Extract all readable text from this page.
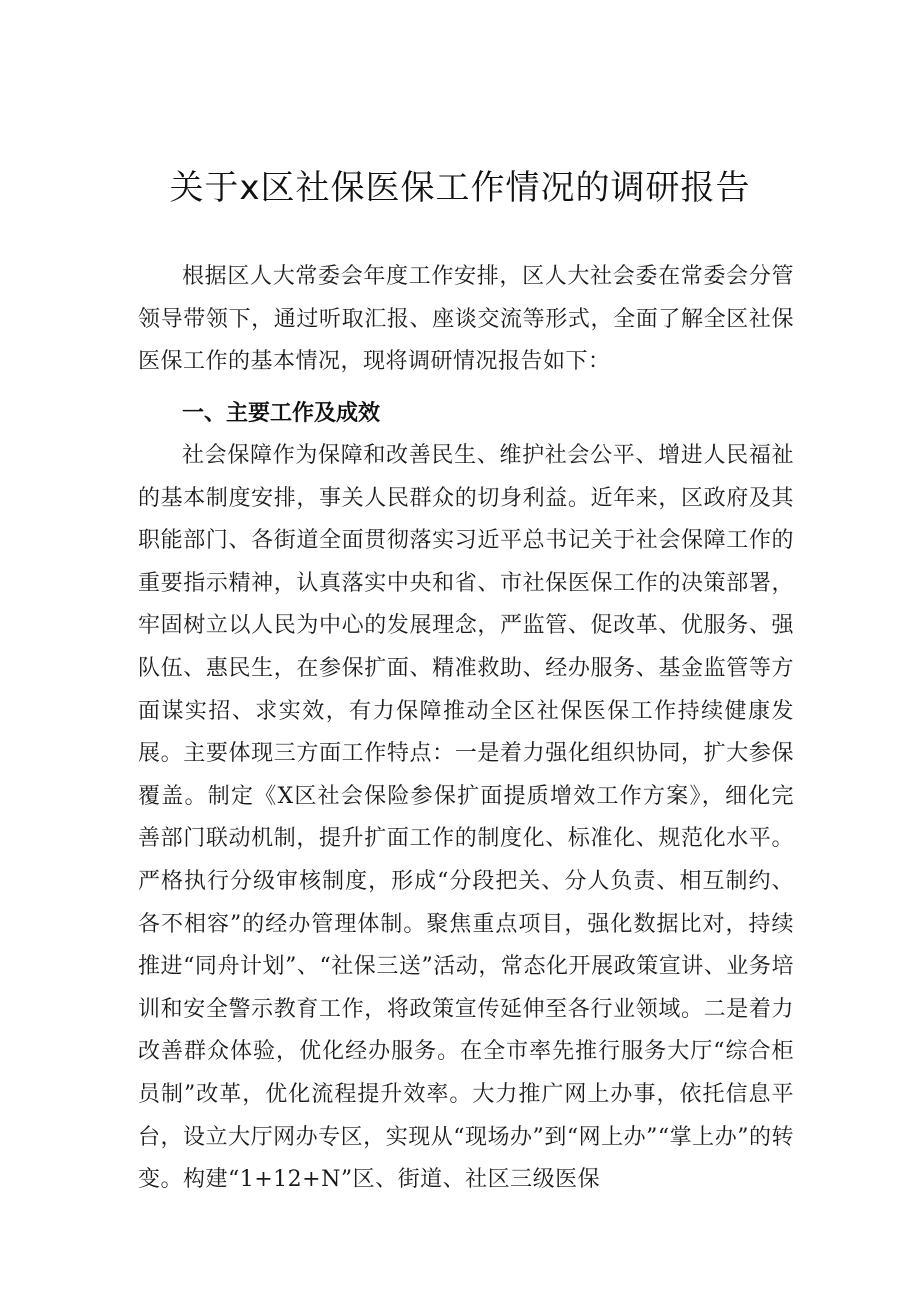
关于x区社保医保工作情况的调研报告

根据区人大常委会年度工作安排，区人大社会委在常委会分管领导带领下，通过听取汇报、座谈交流等形式，全面了解全区社保医保工作的基本情况，现将调研情况报告如下：

一、主要工作及成效

社会保障作为保障和改善民生、维护社会公平、增进人民福祉的基本制度安排，事关人民群众的切身利益。近年来，区政府及其职能部门、各街道全面贯彻落实习近平总书记关于社会保障工作的重要指示精神，认真落实中央和省、市社保医保工作的决策部署，牢固树立以人民为中心的发展理念，严监管、促改革、优服务、强队伍、惠民生，在参保扩面、精准救助、经办服务、基金监管等方面谋实招、求实效，有力保障推动全区社保医保工作持续健康发展。主要体现三方面工作特点：一是着力强化组织协同，扩大参保覆盖。制定《X区社会保险参保扩面提质增效工作方案》，细化完善部门联动机制，提升扩面工作的制度化、标准化、规范化水平。严格执行分级审核制度，形成“分段把关、分人负责、相互制约、各不相容”的经办管理体制。聚焦重点项目，强化数据比对，持续推进“同舟计划”、“社保三送”活动，常态化开展政策宣讲、业务培训和安全警示教育工作，将政策宣传延伸至各行业领域。二是着力改善群众体验，优化经办服务。在全市率先推行服务大厅“综合柜员制”改革，优化流程提升效率。大力推广网上办事，依托信息平台，设立大厅网办专区，实现从“现场办”到“网上办”“掌上办”的转变。构建“1+12+N”区、街道、社区三级医保
